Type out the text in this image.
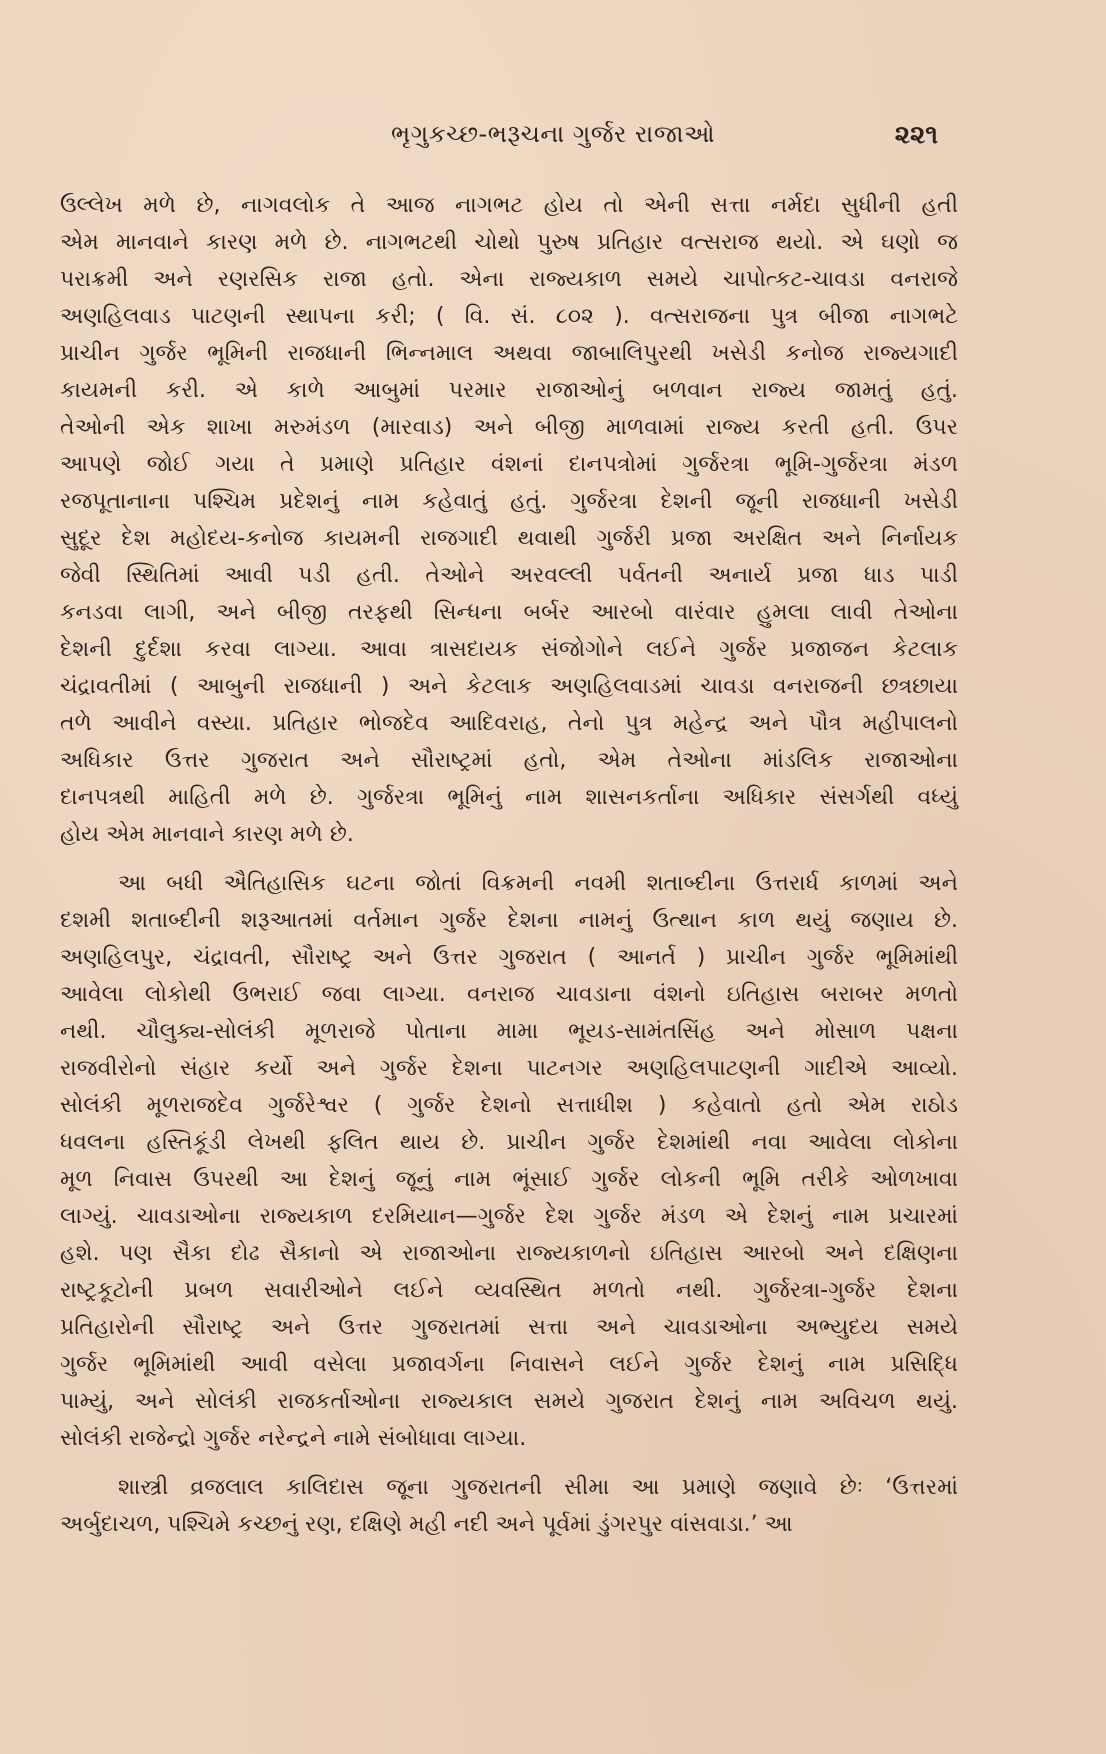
ભૃગુકચ્છ-ભરૂચના ગુર્જર રાજાઓ	૨૨૧
ઉલ્લેખ મળે છે, નાગવલોક તે આજ નાગભટ હોય તો એની સત્તા નર્મદા સુધીની હતી
એમ માનવાને કારણ મળે છે. નાગભટથી ચોથો પુરુષ પ્રતિહાર વત્સરાજ થયો. એ ઘણો જ
પરાક્રમી અને રણરસિક રાજા હતો. એના રાજ્યકાળ સમયે ચાપોત્કટ-ચાવડા વનરાજે
અણહિલવાડ પાટણની સ્થાપના કરી; ( વિ. સં. ૮૦૨ ). વત્સરાજના પુત્ર બીજા નાગભટે
પ્રાચીન ગુર્જર ભૂમિની રાજધાની ભિન્નમાલ અથવા જાબાલિપુરથી ખસેડી કનોજ રાજ્યગાદી
કાયમની કરી. એ કાળે આબુમાં પરમાર રાજાઓનું બળવાન રાજ્ય જામતું હતું.
તેઓની એક શાખા મરુમંડળ (મારવાડ) અને બીજી માળવામાં રાજ્ય કરતી હતી. ઉપર
આપણે જોઈ ગયા તે પ્રમાણે પ્રતિહાર વંશનાં દાનપત્રોમાં ગુર્જરત્રા ભૂમિ-ગુર્જરત્રા મંડળ
રજપૂતાનાના પશ્ચિમ પ્રદેશનું નામ કહેવાતું હતું. ગુર્જરત્રા દેશની જૂની રાજધાની ખસેડી
સુદૂર દેશ મહોદય-કનોજ કાયમની રાજગાદી થવાથી ગુર્જરી પ્રજા અરક્ષિત અને નિર્નાયક
જેવી સ્થિતિમાં આવી પડી હતી. તેઓને અરવલ્લી પર્વતની અનાર્ય પ્રજા ધાડ પાડી
કનડવા લાગી, અને બીજી તરફથી સિન્ધના બર્બર આરબો વારંવાર હુમલા લાવી તેઓના
દેશની દુર્દશા કરવા લાગ્યા. આવા ત્રાસદાયક સંજોગોને લઈને ગુર્જર પ્રજાજન કેટલાક
ચંદ્રાવતીમાં ( આબુની રાજધાની ) અને કેટલાક અણહિલવાડમાં ચાવડા વનરાજની છત્રછાયા
તળે આવીને વસ્યા. પ્રતિહાર ભોજદેવ આદિવરાહ, તેનો પુત્ર મહેન્દ્ર અને પૌત્ર મહીપાલનો
અધિકાર ઉત્તર ગુજરાત અને સૌરાષ્ટ્રમાં હતો, એમ તેઓના માંડલિક રાજાઓના
દાનપત્રથી માહિતી મળે છે. ગુર્જરત્રા ભૂમિનું નામ શાસનકર્તાના અધિકાર સંસર્ગથી વધ્યું
હોય એમ માનવાને કારણ મળે છે.
આ બધી ઐતિહાસિક ઘટના જોતાં વિક્રમની નવમી શતાબ્દીના ઉત્તરાર્ધ કાળમાં અને
દશમી શતાબ્દીની શરૂઆતમાં વર્તમાન ગુર્જર દેશના નામનું ઉત્થાન કાળ થયું જણાય છે.
અણહિલપુર, ચંદ્રાવતી, સૌરાષ્ટ્ર અને ઉત્તર ગુજરાત ( આનર્ત ) પ્રાચીન ગુર્જર ભૂમિમાંથી
આવેલા લોકોથી ઉભરાઈ જવા લાગ્યા. વનરાજ ચાવડાના વંશનો ઇતિહાસ બરાબર મળતો
નથી. ચૌલુક્ય-સોલંકી મૂળરાજે પોતાના મામા ભૂયડ-સામંતસિંહ અને મોસાળ પક્ષના
રાજવીરોનો સંહાર કર્યો અને ગુર્જર દેશના પાટનગર અણહિલપાટણની ગાદીએ આવ્યો.
સોલંકી મૂળરાજદેવ ગુર્જરેશ્વર ( ગુર્જર દેશનો સત્તાધીશ ) કહેવાતો હતો એમ રાઠોડ
ધવલના હસ્તિકૂંડી લેખથી ફલિત થાય છે. પ્રાચીન ગુર્જર દેશમાંથી નવા આવેલા લોકોના
મૂળ નિવાસ ઉપરથી આ દેશનું જૂનું નામ ભૂંસાઈ ગુર્જર લોકની ભૂમિ તરીકે ઓળખાવા
લાગ્યું. ચાવડાઓના રાજ્યકાળ દરમિયાન—ગુર્જર દેશ ગુર્જર મંડળ એ દેશનું નામ પ્રચારમાં
હશે. પણ સૈકા દોઢ સૈકાનો એ રાજાઓના રાજ્યકાળનો ઇતિહાસ આરબો અને દક્ષિણના
રાષ્ટ્રકૂટોની પ્રબળ સવારીઓને લઈને વ્યવસ્થિત મળતો નથી. ગુર્જરત્રા-ગુર્જર દેશના
પ્રતિહારોની સૌરાષ્ટ્ર અને ઉત્તર ગુજરાતમાં સત્તા અને ચાવડાઓના અભ્યુદય સમયે
ગુર્જર ભૂમિમાંથી આવી વસેલા પ્રજાવર્ગના નિવાસને લઈને ગુર્જર દેશનું નામ પ્રસિદ્ધિ
પામ્યું, અને સોલંકી રાજકર્તાઓના રાજ્યકાલ સમયે ગુજરાત દેશનું નામ અવિચળ થયું.
સોલંકી રાજેન્દ્રો ગુર્જર નરેન્દ્રને નામે સંબોધાવા લાગ્યા.
શાસ્ત્રી વ્રજલાલ કાલિદાસ જૂના ગુજરાતની સીમા આ પ્રમાણે જણાવે છેઃ ‘ઉત્તરમાં
અર્બુદાચળ, પશ્ચિમે કચ્છનું રણ, દક્ષિણે મહી નદી અને પૂર્વમાં ડુંગરપુર વાંસવાડા.’ આ
